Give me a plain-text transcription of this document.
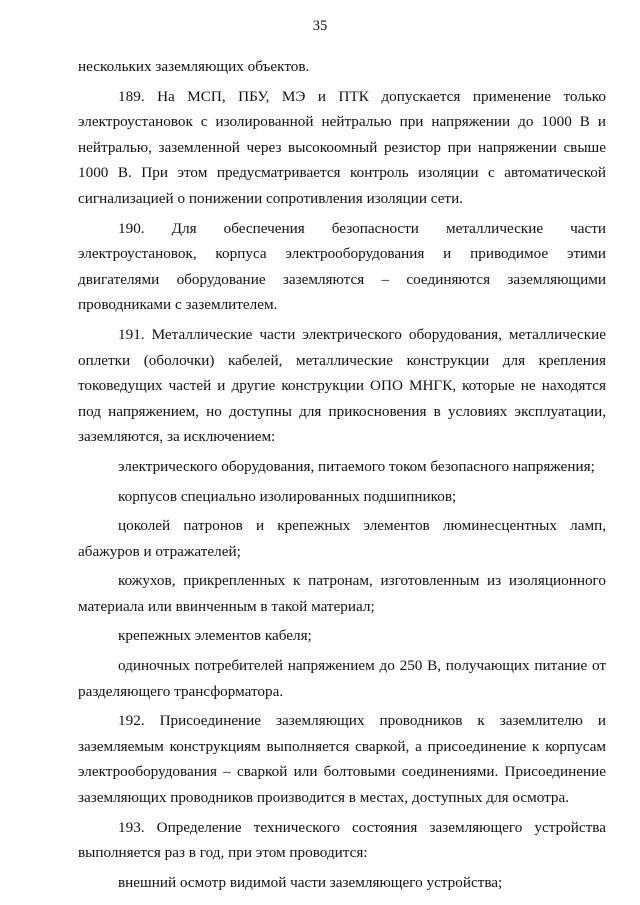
35

нескольких заземляющих объектов.

189. На МСП, ПБУ, МЭ и ПТК допускается применение только электроустановок с изолированной нейтралью при напряжении до 1000 В и нейтралью, заземленной через высокоомный резистор при напряжении свыше 1000 В. При этом предусматривается контроль изоляции с автоматической сигнализацией о понижении сопротивления изоляции сети.

190. Для обеспечения безопасности металлические части электроустановок, корпуса электрооборудования и приводимое этими двигателями оборудование заземляются – соединяются заземляющими проводниками с заземлителем.

191. Металлические части электрического оборудования, металлические оплетки (оболочки) кабелей, металлические конструкции для крепления токоведущих частей и другие конструкции ОПО МНГК, которые не находятся под напряжением, но доступны для прикосновения в условиях эксплуатации, заземляются, за исключением:

электрического оборудования, питаемого током безопасного напряжения;

корпусов специально изолированных подшипников;

цоколей патронов и крепежных элементов люминесцентных ламп, абажуров и отражателей;

кожухов, прикрепленных к патронам, изготовленным из изоляционного материала или ввинченным в такой материал;

крепежных элементов кабеля;

одиночных потребителей напряжением до 250 В, получающих питание от разделяющего трансформатора.

192. Присоединение заземляющих проводников к заземлителю и заземляемым конструкциям выполняется сваркой, а присоединение к корпусам электрооборудования – сваркой или болтовыми соединениями. Присоединение заземляющих проводников производится в местах, доступных для осмотра.

193. Определение технического состояния заземляющего устройства выполняется раз в год, при этом проводится:

внешний осмотр видимой части заземляющего устройства;
